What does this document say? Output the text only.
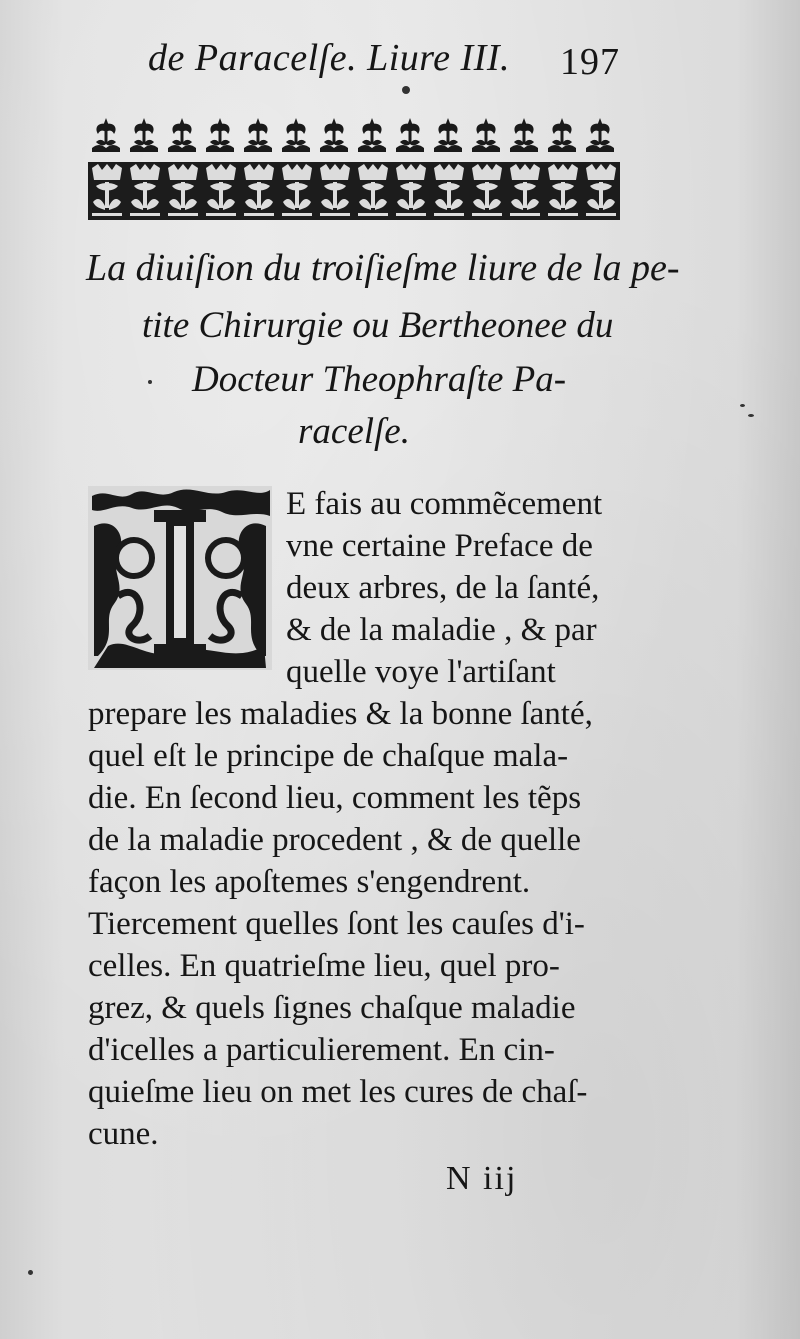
de Paracelſe. Liure III. 197
La diuiſion du troiſieſme liure de la pe-
tite Chirurgie ou Bertheonee du
Docteur Theophraſte Pa-
racelſe.
E fais au commẽcement
vne certaine Preface de
deux arbres, de la ſanté,
& de la maladie , & par
quelle voye l'artiſant
prepare les maladies & la bonne ſanté,
quel eſt le principe de chaſque mala-
die. En ſecond lieu, comment les tẽps
de la maladie procedent , & de quelle
façon les apoſtemes s'engendrent.
Tiercement quelles ſont les cauſes d'i-
celles. En quatrieſme lieu, quel pro-
grez, & quels ſignes chaſque maladie
d'icelles a particulierement. En cin-
quieſme lieu on met les cures de chaſ-
cune.
N iij
